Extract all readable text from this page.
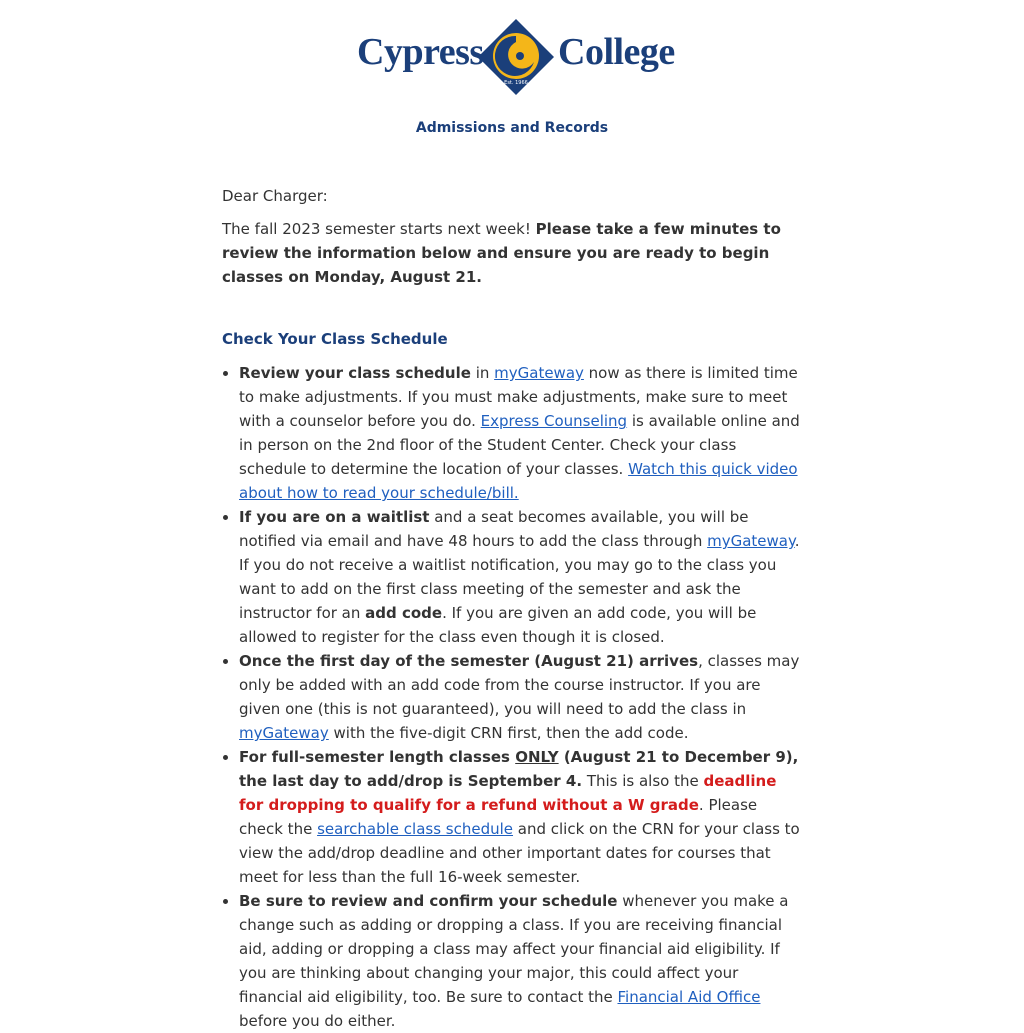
Cypress
Est. 1966
College
Admissions and Records

Dear Charger:

The fall 2023 semester starts next week! Please take a few minutes to review the information below and ensure you are ready to begin classes on Monday, August 21.

Check Your Class Schedule
• Review your class schedule in myGateway now as there is limited time to make adjustments. If you must make adjustments, make sure to meet with a counselor before you do. Express Counseling is available online and in person on the 2nd floor of the Student Center. Check your class schedule to determine the location of your classes. Watch this quick video about how to read your schedule/bill.
• If you are on a waitlist and a seat becomes available, you will be notified via email and have 48 hours to add the class through myGateway. If you do not receive a waitlist notification, you may go to the class you want to add on the first class meeting of the semester and ask the instructor for an add code. If you are given an add code, you will be allowed to register for the class even though it is closed.
• Once the first day of the semester (August 21) arrives, classes may only be added with an add code from the course instructor. If you are given one (this is not guaranteed), you will need to add the class in myGateway with the five-digit CRN first, then the add code.
• For full-semester length classes ONLY (August 21 to December 9), the last day to add/drop is September 4. This is also the deadline for dropping to qualify for a refund without a W grade. Please check the searchable class schedule and click on the CRN for your class to view the add/drop deadline and other important dates for courses that meet for less than the full 16-week semester.
• Be sure to review and confirm your schedule whenever you make a change such as adding or dropping a class. If you are receiving financial aid, adding or dropping a class may affect your financial aid eligibility. If you are thinking about changing your major, this could affect your financial aid eligibility, too. Be sure to contact the Financial Aid Office before you do either.
